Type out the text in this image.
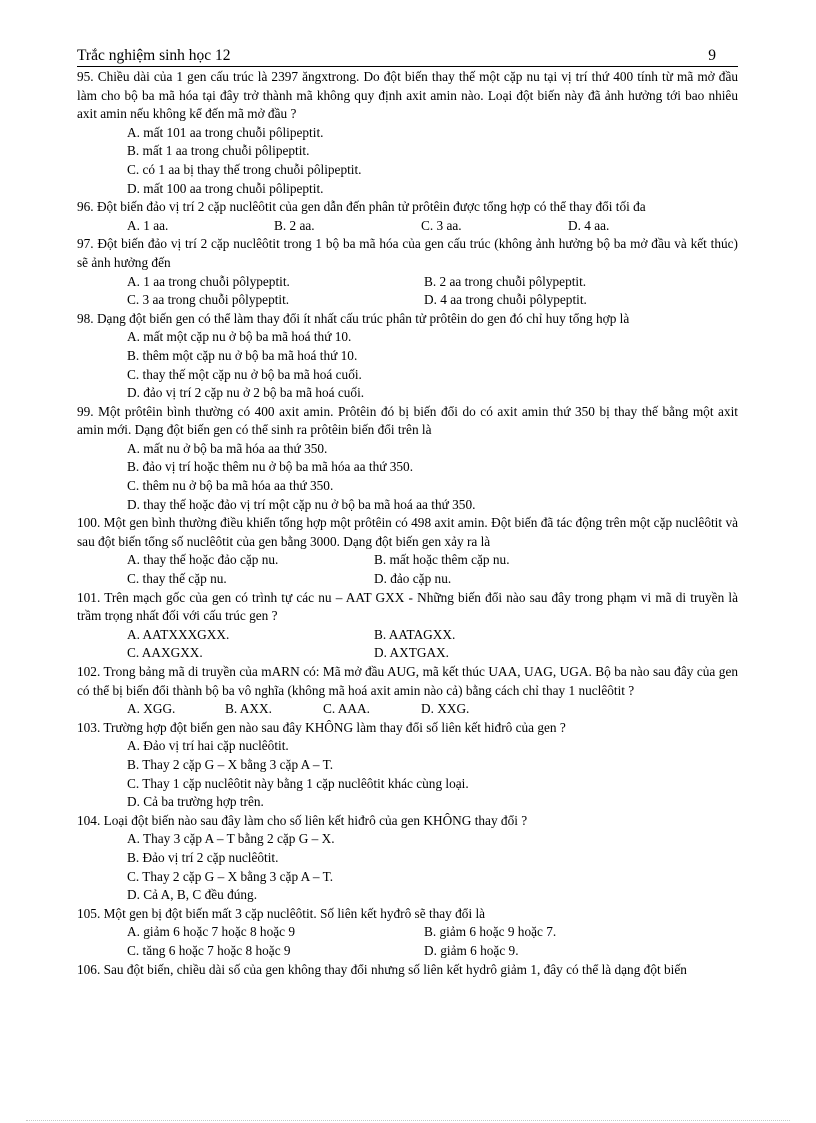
Trắc nghiệm sinh học 12	9
95. Chiều dài của 1 gen cấu trúc là 2397 ăngxtrong. Do đột biến thay thế một cặp nu tại vị trí thứ 400 tính từ mã mở đầu làm cho bộ ba mã hóa tại đây trở thành mã không quy định axit amin nào. Loại đột biến này đã ảnh hưởng tới bao nhiêu axit amin nếu không kể đến mã mở đầu ?
A. mất 101 aa trong chuỗi pôlipeptit.
B. mất 1 aa trong chuỗi pôlipeptit.
C. có 1 aa bị thay thế trong chuỗi pôlipeptit.
D. mất 100 aa trong chuỗi pôlipeptit.
96. Đột biến đảo vị trí 2 cặp nuclêôtit của gen dẫn đến phân tử prôtêin được tổng hợp có thể thay đổi tối đa
A. 1 aa.	B. 2 aa.	C. 3 aa.	D. 4 aa.
97. Đột biến đảo vị trí 2 cặp nuclêôtit trong 1 bộ ba mã hóa của gen cấu trúc (không ảnh hưởng bộ ba mở đầu và kết thúc) sẽ ảnh hưởng đến
A. 1 aa trong chuỗi pôlypeptit.	B. 2 aa trong chuỗi pôlypeptit.
C. 3 aa trong chuỗi pôlypeptit.	D. 4 aa trong chuỗi pôlypeptit.
98. Dạng đột biến gen có thể làm thay đổi ít nhất cấu trúc phân tử prôtêin do gen đó chỉ huy tổng hợp là
A. mất một cặp nu ở bộ ba mã hoá thứ 10.
B. thêm một cặp nu ở bộ ba mã hoá thứ 10.
C. thay thế một cặp nu ở bộ ba mã hoá cuối.
D. đảo vị trí 2 cặp nu ở 2 bộ ba mã hoá cuối.
99. Một prôtêin bình thường có 400 axit amin. Prôtêin đó bị biến đổi do có axit amin thứ 350 bị thay thế bằng một axit amin mới. Dạng đột biến gen có thể sinh ra prôtêin biến đổi trên là
A. mất nu ở bộ ba mã hóa aa thứ 350.
B. đảo vị trí hoặc thêm nu ở bộ ba mã hóa aa thứ 350.
C. thêm nu ở bộ ba mã hóa aa thứ 350.
D. thay thế hoặc đảo vị trí một cặp nu ở bộ ba mã hoá aa thứ 350.
100. Một gen bình thường điều khiển tổng hợp một prôtêin có 498 axit amin. Đột biến đã tác động trên một cặp nuclêôtit và sau đột biến tổng số nuclêôtit của gen bằng 3000. Dạng đột biến gen xảy ra là
A. thay thế hoặc đảo cặp nu.	B. mất hoặc thêm cặp nu.
C. thay thế cặp nu.	D. đảo cặp nu.
101. Trên mạch gốc của gen có trình tự các nu – AAT GXX - Những biến đổi nào sau đây trong phạm vi mã di truyền là trầm trọng nhất đối với cấu trúc gen ?
A. AATXXXGXX.	B. AATAGXX.
C. AAXGXX.	D. AXTGAX.
102. Trong bảng mã di truyền của mARN có: Mã mở đầu AUG, mã kết thúc UAA, UAG, UGA. Bộ ba nào sau đây của gen có thể bị biến đổi thành bộ ba vô nghĩa (không mã hoá axit amin nào cả) bằng cách chỉ thay 1 nuclêôtit ?
A. XGG.	B. AXX.	C. AAA.	D. XXG.
103. Trường hợp đột biến gen nào sau đây KHÔNG làm thay đổi số liên kết hiđrô của gen ?
A. Đảo vị trí hai cặp nuclêôtit.
B. Thay 2 cặp G – X bằng 3 cặp A – T.
C. Thay 1 cặp nuclêôtit này bằng 1 cặp nuclêôtit khác cùng loại.
D. Cả ba trường hợp trên.
104. Loại đột biến nào sau đây làm cho số liên kết hiđrô của gen KHÔNG thay đổi ?
A. Thay 3 cặp A – T bằng 2 cặp G – X.
B. Đảo vị trí 2 cặp nuclêôtit.
C. Thay 2 cặp G – X bằng 3 cặp A – T.
D. Cả A, B, C đều đúng.
105. Một gen bị đột biến mất 3 cặp nuclêôtit. Số liên kết hyđrô sẽ thay đổi là
A. giảm 6 hoặc 7 hoặc 8 hoặc 9	B. giảm 6 hoặc 9 hoặc 7.
C. tăng 6 hoặc 7 hoặc 8 hoặc 9	D. giảm 6 hoặc 9.
106. Sau đột biến, chiều dài số của gen không thay đổi nhưng số liên kết hydrô giảm 1, đây có thể là dạng đột biến
